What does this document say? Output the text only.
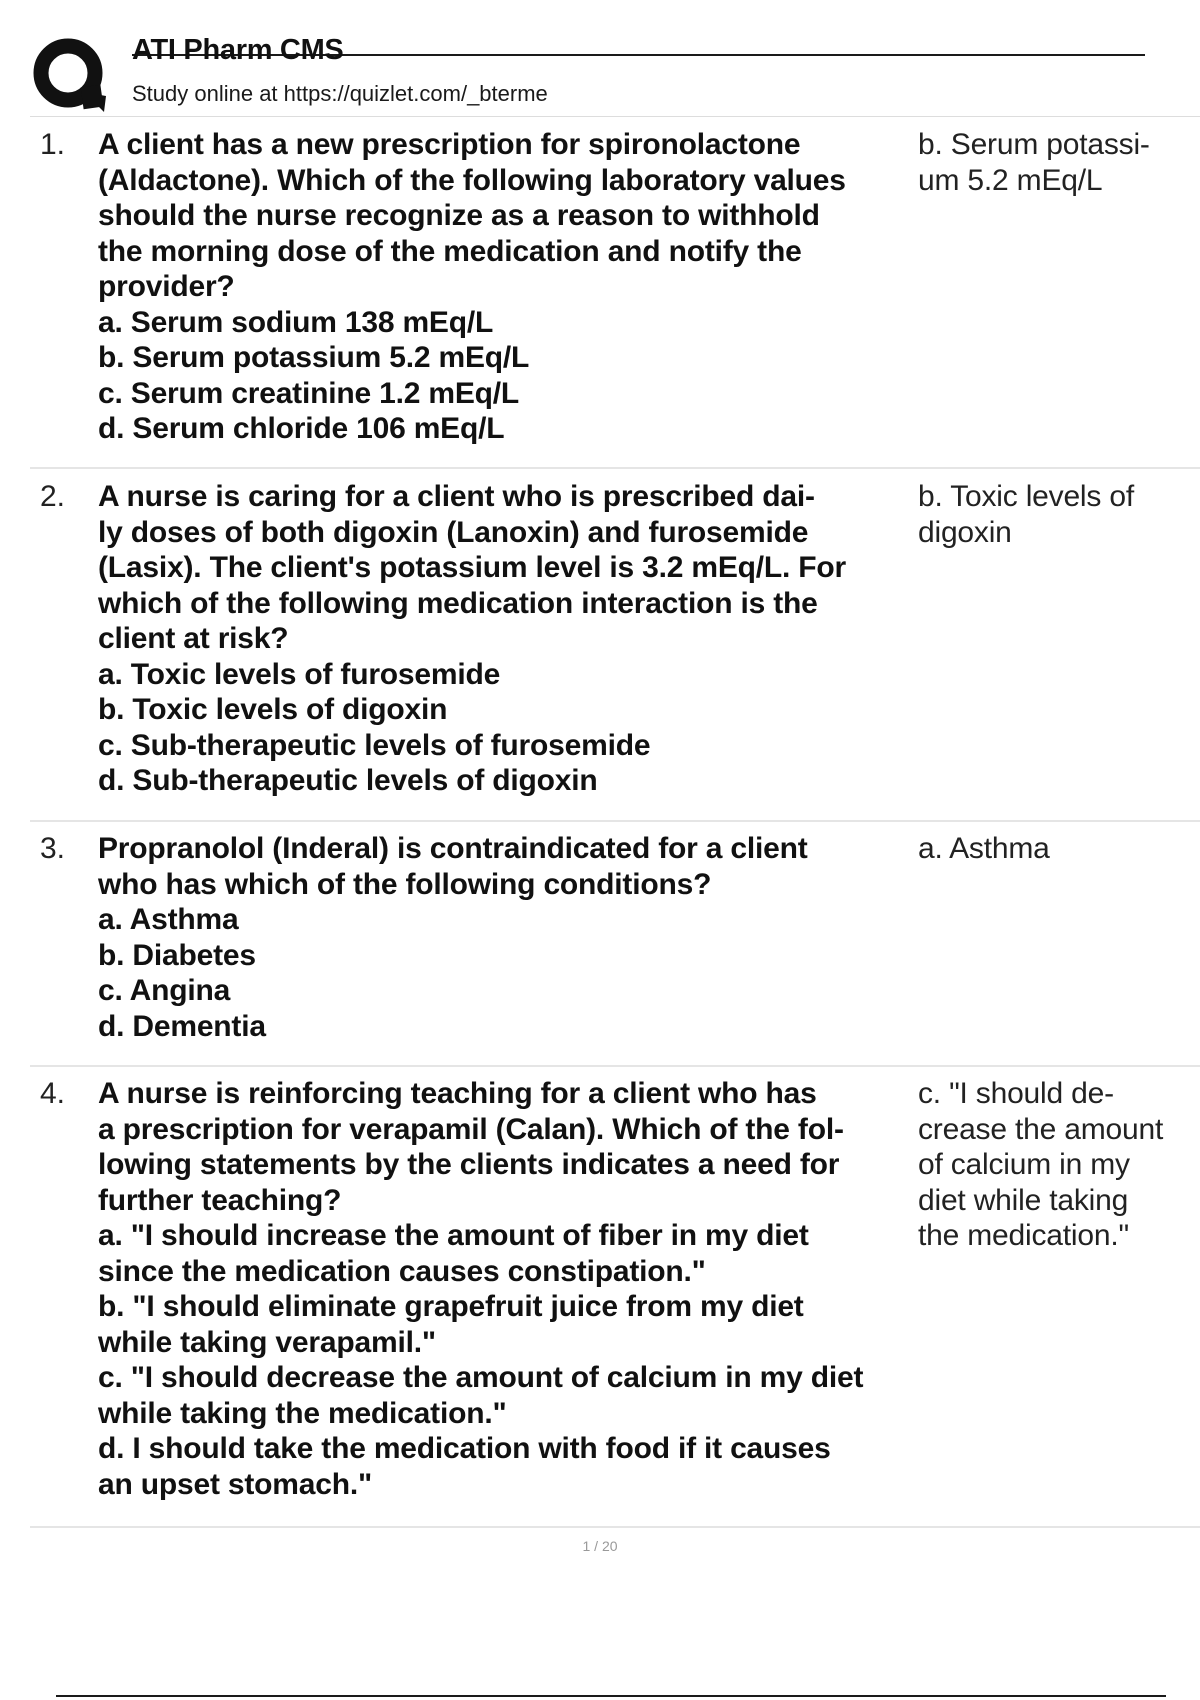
ATI Pharm CMS
Study online at https://quizlet.com/_bterme
1. A client has a new prescription for spironolactone
(Aldactone). Which of the following laboratory values
should the nurse recognize as a reason to withhold
the morning dose of the medication and notify the
provider?
a. Serum sodium 138 mEq/L
b. Serum potassium 5.2 mEq/L
c. Serum creatinine 1.2 mEq/L
d. Serum chloride 106 mEq/L
b. Serum potassi-
um 5.2 mEq/L
2. A nurse is caring for a client who is prescribed dai-
ly doses of both digoxin (Lanoxin) and furosemide
(Lasix). The client's potassium level is 3.2 mEq/L. For
which of the following medication interaction is the
client at risk?
a. Toxic levels of furosemide
b. Toxic levels of digoxin
c. Sub-therapeutic levels of furosemide
d. Sub-therapeutic levels of digoxin
b. Toxic levels of
digoxin
3. Propranolol (Inderal) is contraindicated for a client
who has which of the following conditions?
a. Asthma
b. Diabetes
c. Angina
d. Dementia
a. Asthma
4. A nurse is reinforcing teaching for a client who has
a prescription for verapamil (Calan). Which of the fol-
lowing statements by the clients indicates a need for
further teaching?
a. "I should increase the amount of fiber in my diet
since the medication causes constipation."
b. "I should eliminate grapefruit juice from my diet
while taking verapamil."
c. "I should decrease the amount of calcium in my diet
while taking the medication."
d. I should take the medication with food if it causes
an upset stomach."
c. "I should de-
crease the amount
of calcium in my
diet while taking
the medication."
1 / 20
